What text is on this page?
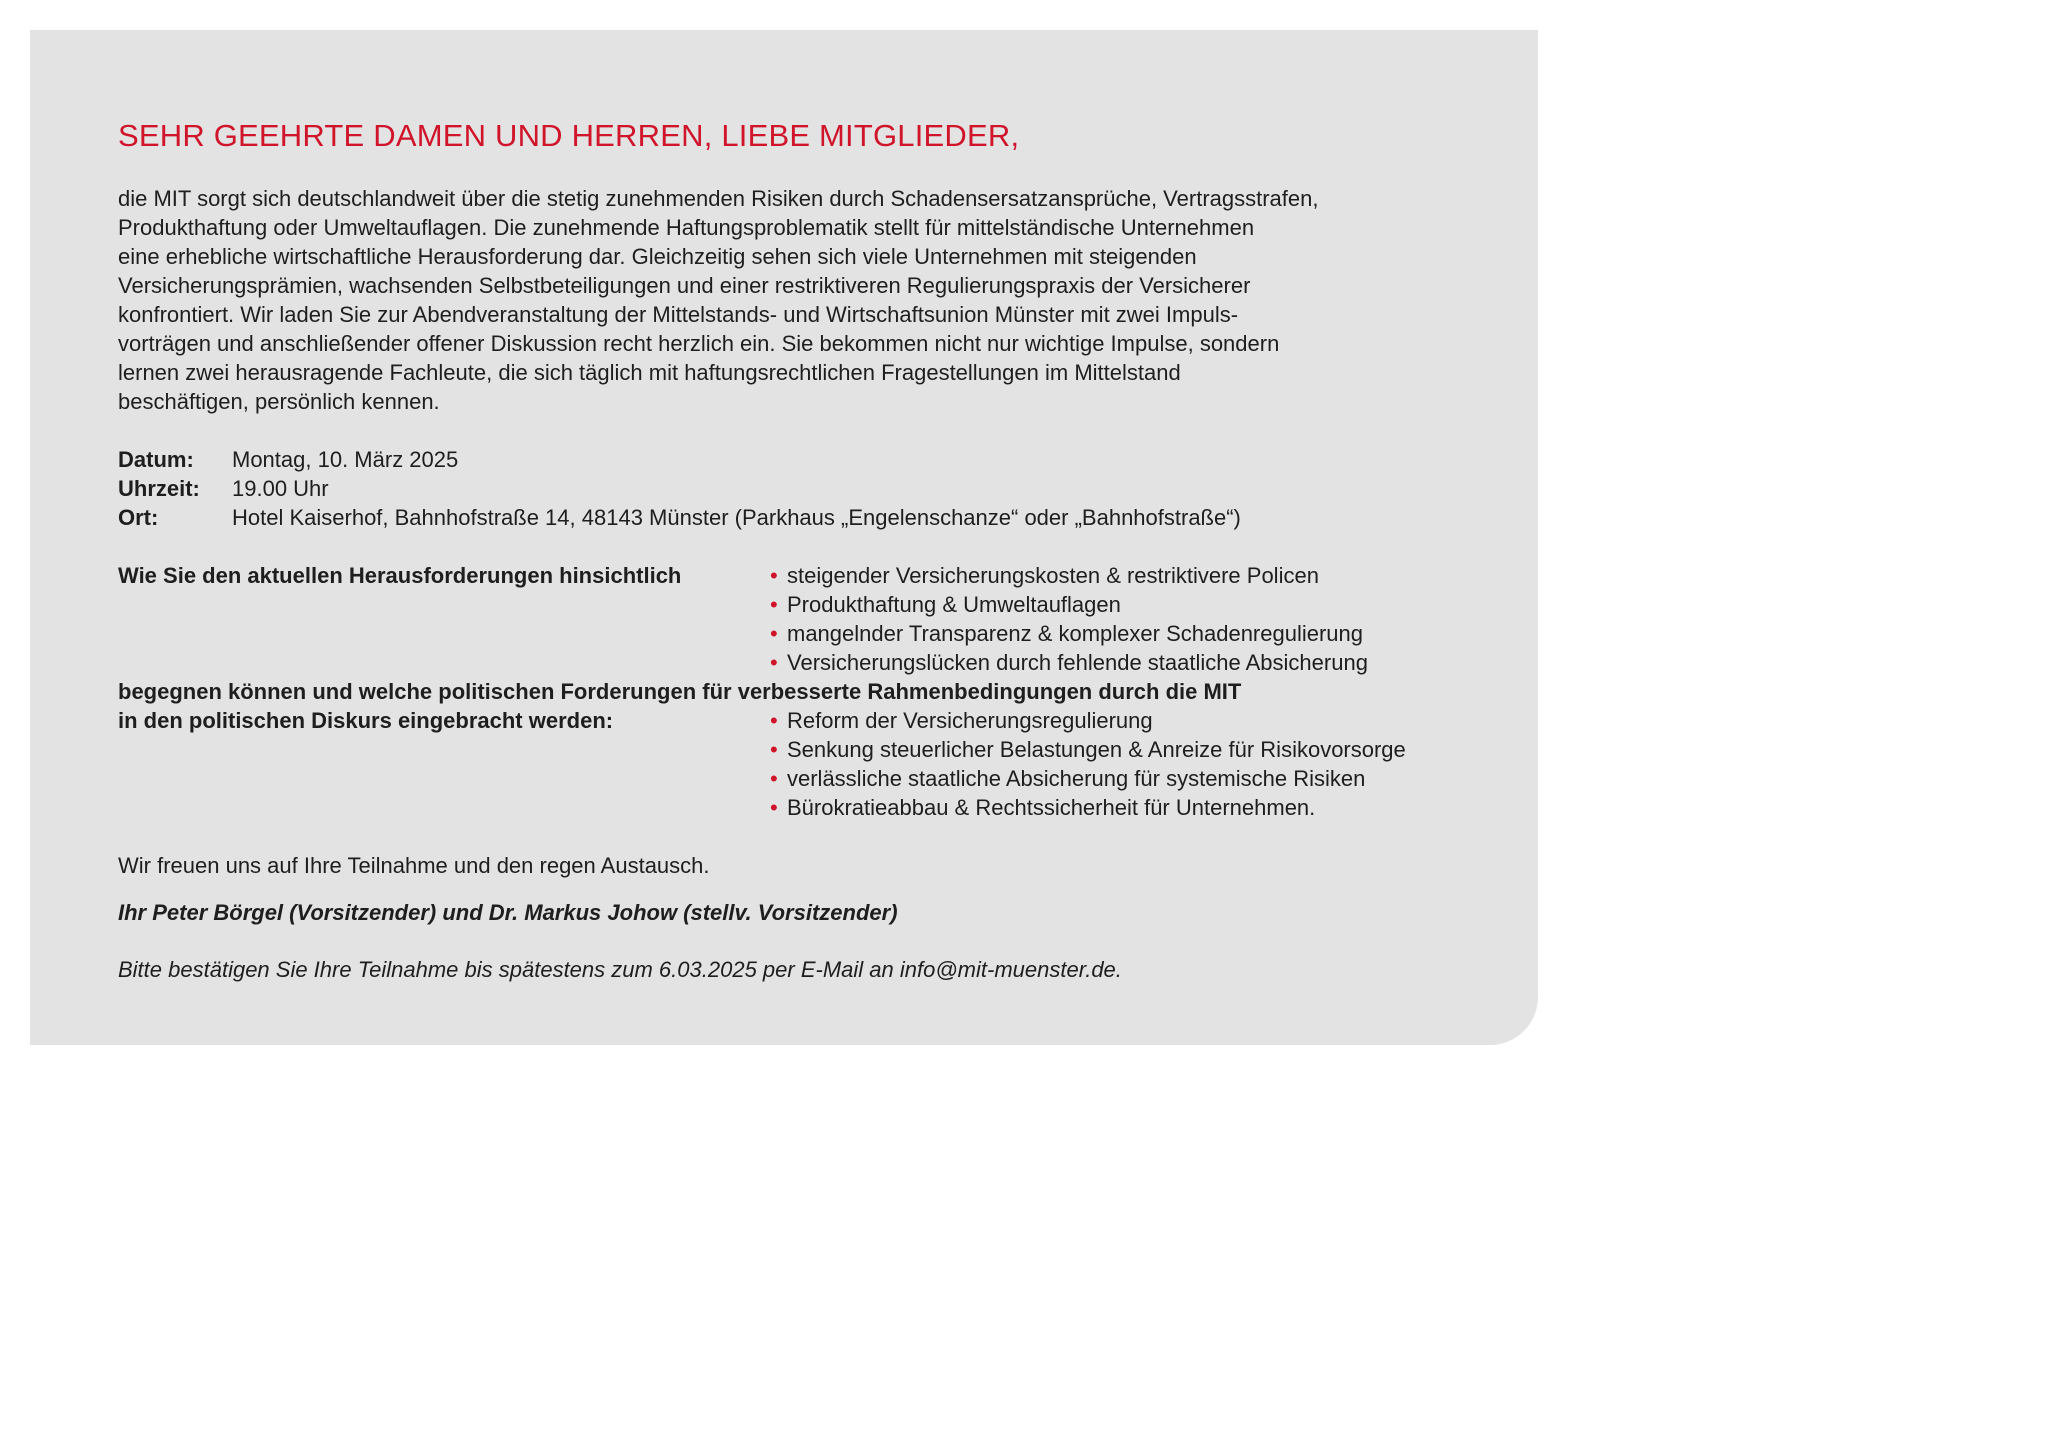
SEHR GEEHRTE DAMEN UND HERREN, LIEBE MITGLIEDER,

die MIT sorgt sich deutschlandweit über die stetig zunehmenden Risiken durch Schadensersatzansprüche, Vertragsstrafen,
Produkthaftung oder Umweltauflagen. Die zunehmende Haftungsproblematik stellt für mittelständische Unternehmen
eine erhebliche wirtschaftliche Herausforderung dar. Gleichzeitig sehen sich viele Unternehmen mit steigenden
Versicherungsprämien, wachsenden Selbstbeteiligungen und einer restriktiveren Regulierungspraxis der Versicherer
konfrontiert. Wir laden Sie zur Abendveranstaltung der Mittelstands- und Wirtschaftsunion Münster mit zwei Impuls-
vorträgen und anschließender offener Diskussion recht herzlich ein. Sie bekommen nicht nur wichtige Impulse, sondern
lernen zwei herausragende Fachleute, die sich täglich mit haftungsrechtlichen Fragestellungen im Mittelstand
beschäftigen, persönlich kennen.

Datum:	Montag, 10. März 2025
Uhrzeit:	19.00 Uhr
Ort:	Hotel Kaiserhof, Bahnhofstraße 14, 48143 Münster (Parkhaus „Engelenschanze“ oder „Bahnhofstraße“)
Wie Sie den aktuellen Herausforderungen hinsichtlich	• steigender Versicherungskosten & restriktivere Policen
• Produkthaftung & Umweltauflagen
• mangelnder Transparenz & komplexer Schadenregulierung
• Versicherungslücken durch fehlende staatliche Absicherung
begegnen können und welche politischen Forderungen für verbesserte Rahmenbedingungen durch die MIT
in den politischen Diskurs eingebracht werden:	• Reform der Versicherungsregulierung
• Senkung steuerlicher Belastungen & Anreize für Risikovorsorge
• verlässliche staatliche Absicherung für systemische Risiken
• Bürokratieabbau & Rechtssicherheit für Unternehmen.
Wir freuen uns auf Ihre Teilnahme und den regen Austausch.
Ihr Peter Börgel (Vorsitzender) und Dr. Markus Johow (stellv. Vorsitzender)
Bitte bestätigen Sie Ihre Teilnahme bis spätestens zum 6.03.2025 per E-Mail an info@mit-muenster.de.
